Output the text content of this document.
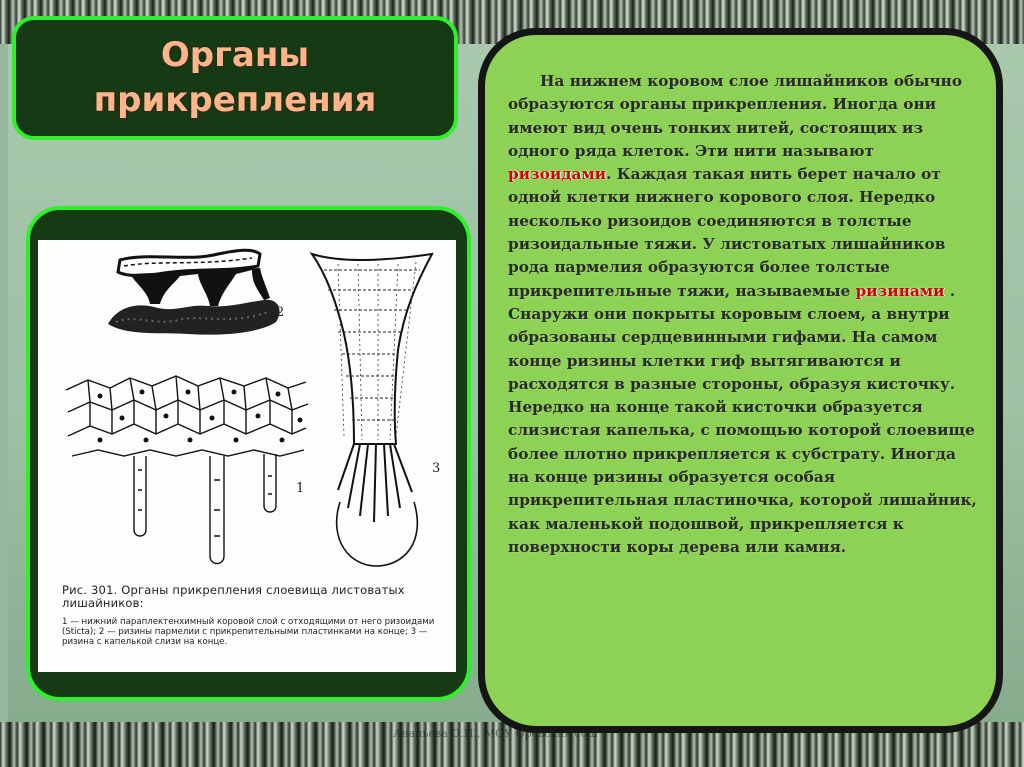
Органы
прикрепления
2
1
3
Рис. 301. Органы прикрепления слоевища листоватых лишайников:
1 — нижний параплектенхимный коровой слой с отходящими от него ризоидами (Sticta); 2 — ризины пармелии с прикрепительными пластинками на конце; 3 — ризина с капелькой слизи на конце.
На нижнем коровом слое лишайников обычно образуются органы прикрепления. Иногда они имеют вид очень тонких нитей, состоящих из одного ряда клеток. Эти нити называют ризоидами. Каждая такая нить берет начало от одной клетки нижнего корового слоя. Нередко несколько ризоидов соединяются в толстые ризоидальные тяжи. У листоватых лишайников рода пармелия образуются более толстые прикрепительные тяжи, называемые ризинами . Снаружи они покрыты коровым слоем, а внутри образованы сердцевинными гифами. На самом конце ризины клетки гиф вытягиваются и расходятся в разные стороны, образуя кисточку. Нередко на конце такой кисточки образуется слизистая капелька, с помощью которой слоевище более плотно прикрепляется к субстрату. Иногда на конце ризины образуется особая прикрепительная пластиночка, которой лишайник, как маленькой подошвой, прикрепляется к поверхности коры дерева или камня.
Ананьева О.П., МОУ Оревская сош
